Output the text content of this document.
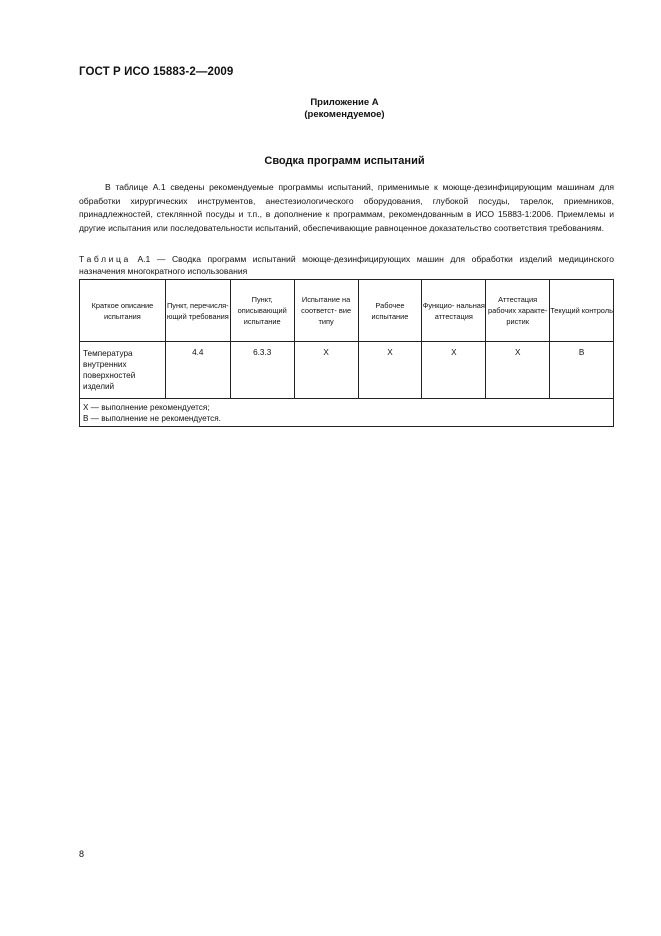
ГОСТ Р ИСО 15883-2—2009
Приложение А
(рекомендуемое)
Сводка программ испытаний

В таблице А.1 сведены рекомендуемые программы испытаний, применимые к моюще-дезинфицирующим машинам для обработки хирургических инструментов, анестезиологического оборудования, глубокой посуды, тарелок, приемников, принадлежностей, стеклянной посуды и т.п., в дополнение к программам, рекомендованным в ИСО 15883-1:2006. Приемлемы и другие испытания или последовательности испытаний, обеспечивающие равноценное доказательство соответствия требованиям.

Таблица А.1 — Сводка программ испытаний моюще-дезинфицирующих машин для обработки изделий медицинского назначения многократного использования
Краткое описание испытания	Пункт, перечисля- ющий требования	Пункт, описывающий испытание	Испытание на соответст- вие типу	Рабочее испытание	Функцио- нальная аттестация	Аттестация рабочих характе- ристик	Текущий контроль
Температура внутренних поверхностей изделий	4.4	6.3.3	X	X	X	X	В

X — выполнение рекомендуется;
В — выполнение не рекомендуется.							
8
